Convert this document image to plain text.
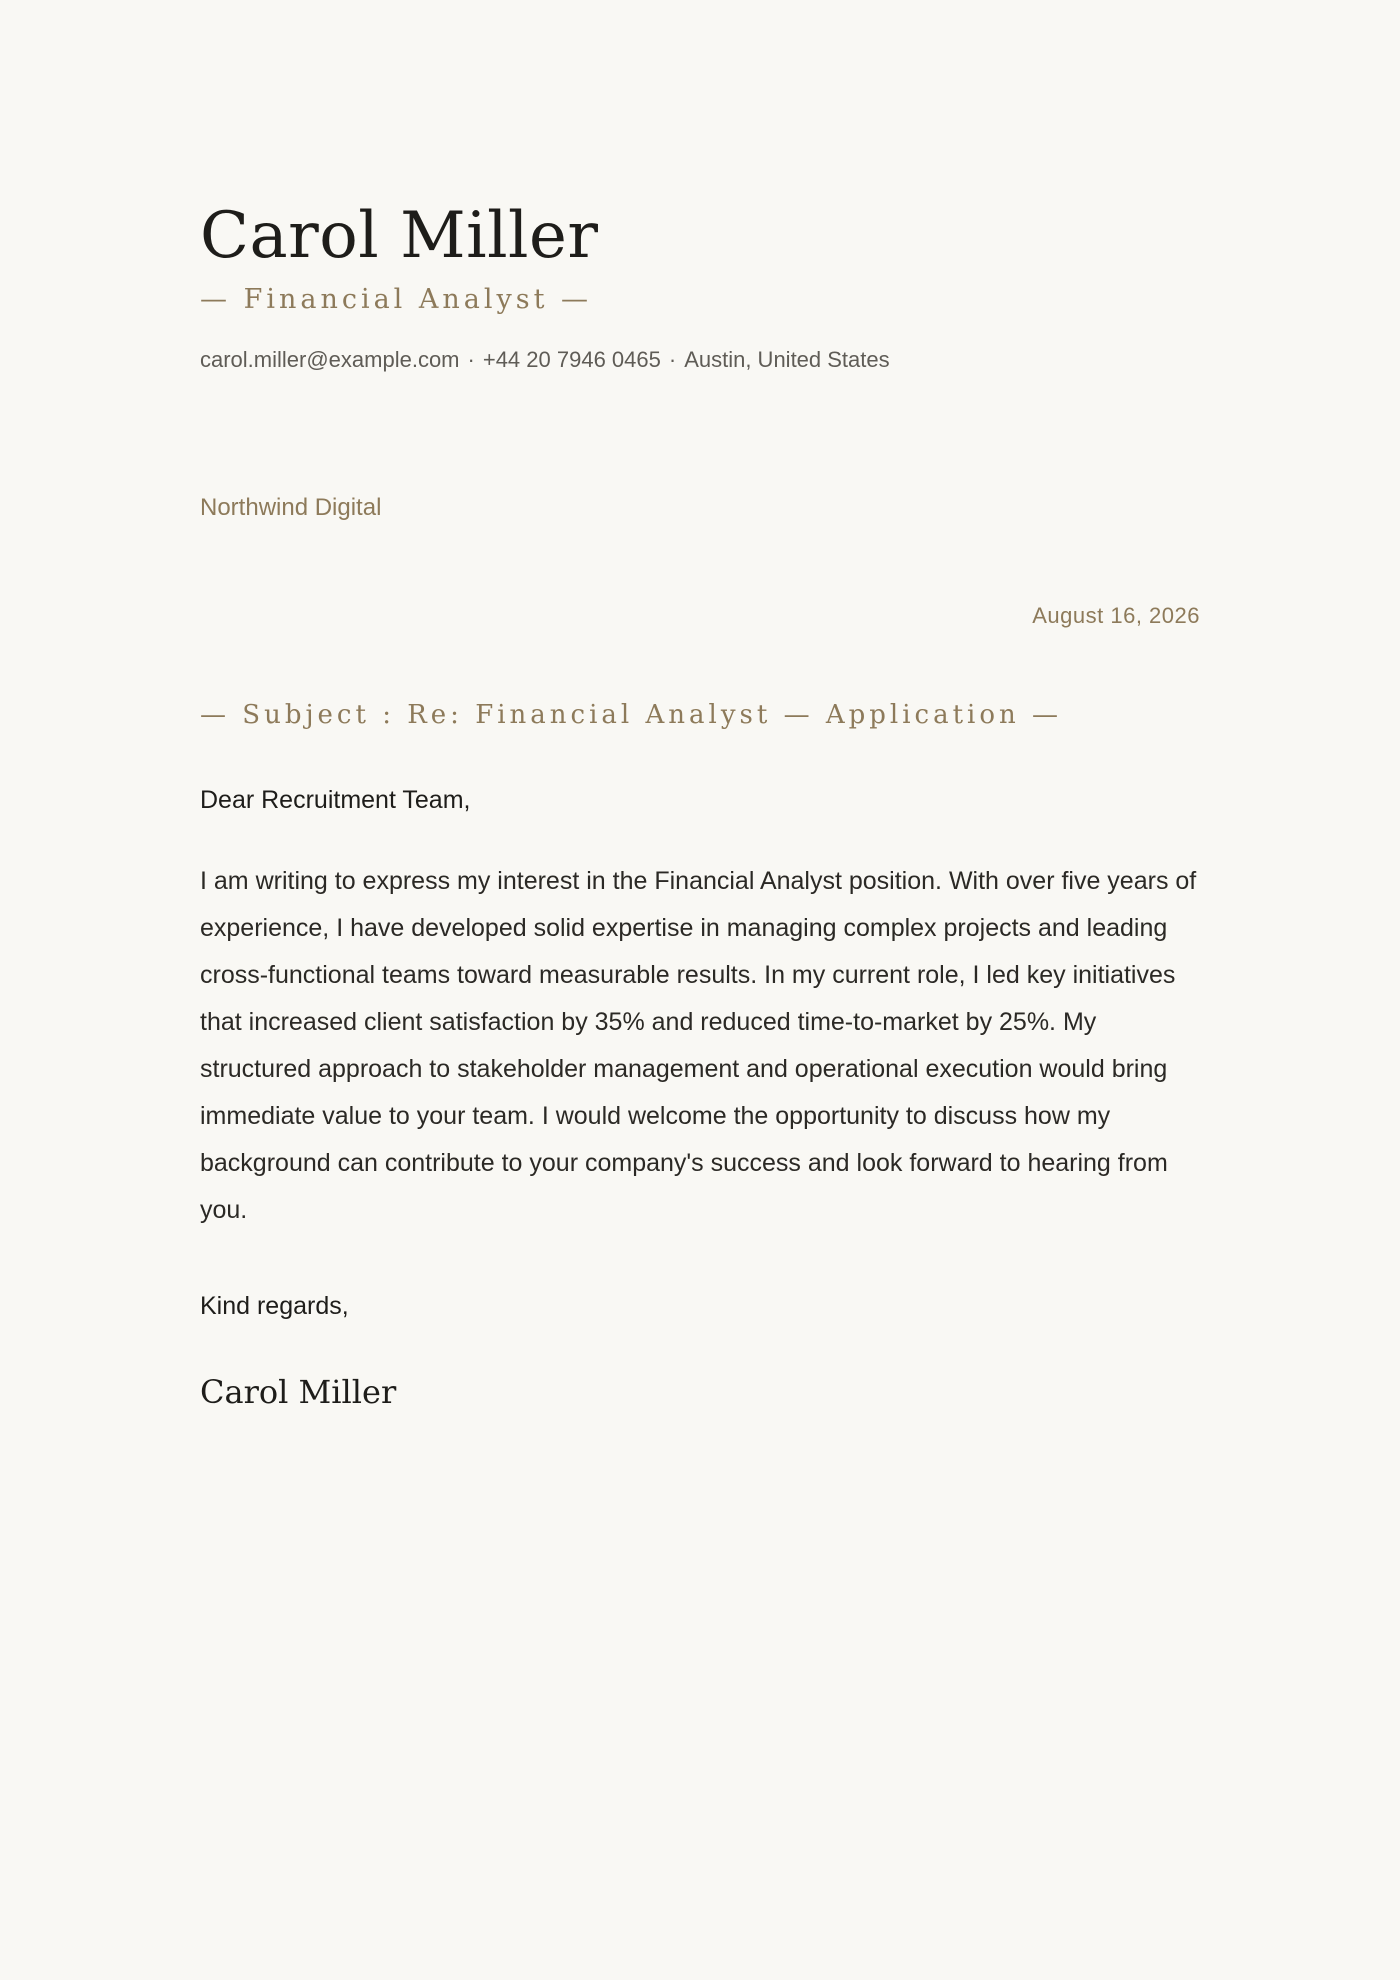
Carol Miller
— Financial Analyst —
carol.miller@example.com · +44 20 7946 0465 · Austin, United States
Northwind Digital
August 16, 2026
— Subject : Re: Financial Analyst — Application —
Dear Recruitment Team,

I am writing to express my interest in the Financial Analyst position. With over five years of experience, I have developed solid expertise in managing complex projects and leading cross-functional teams toward measurable results. In my current role, I led key initiatives that increased client satisfaction by 35% and reduced time-to-market by 25%. My structured approach to stakeholder management and operational execution would bring immediate value to your team. I would welcome the opportunity to discuss how my background can contribute to your company's success and look forward to hearing from you.

Kind regards,
Carol Miller
